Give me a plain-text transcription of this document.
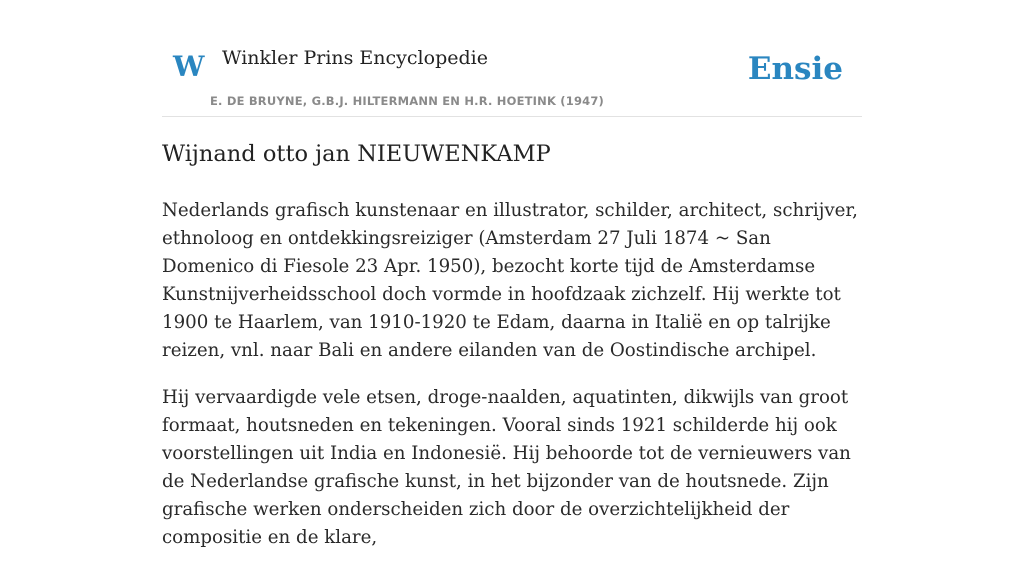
W Winkler Prins Encyclopedie
E. DE BRUYNE, G.B.J. HILTERMANN EN H.R. HOETINK (1947)
Ensie
Wijnand otto jan NIEUWENKAMP

Nederlands grafisch kunstenaar en illustrator, schilder, architect, schrijver, ethnoloog en ontdekkingsreiziger (Amsterdam 27 Juli 1874 ~ San Domenico di Fiesole 23 Apr. 1950), bezocht korte tijd de Amsterdamse Kunstnijverheidsschool doch vormde in hoofdzaak zichzelf. Hij werkte tot 1900 te Haarlem, van 1910-1920 te Edam, daarna in Italië en op talrijke reizen, vnl. naar Bali en andere eilanden van de Oostindische archipel.

Hij vervaardigde vele etsen, droge-naalden, aquatinten, dikwijls van groot formaat, houtsneden en tekeningen. Vooral sinds 1921 schilderde hij ook voorstellingen uit India en Indonesië. Hij behoorde tot de vernieuwers van de Nederlandse grafische kunst, in het bijzonder van de houtsnede. Zijn grafische werken onderscheiden zich door de overzichtelijkheid der compositie en de klare,
